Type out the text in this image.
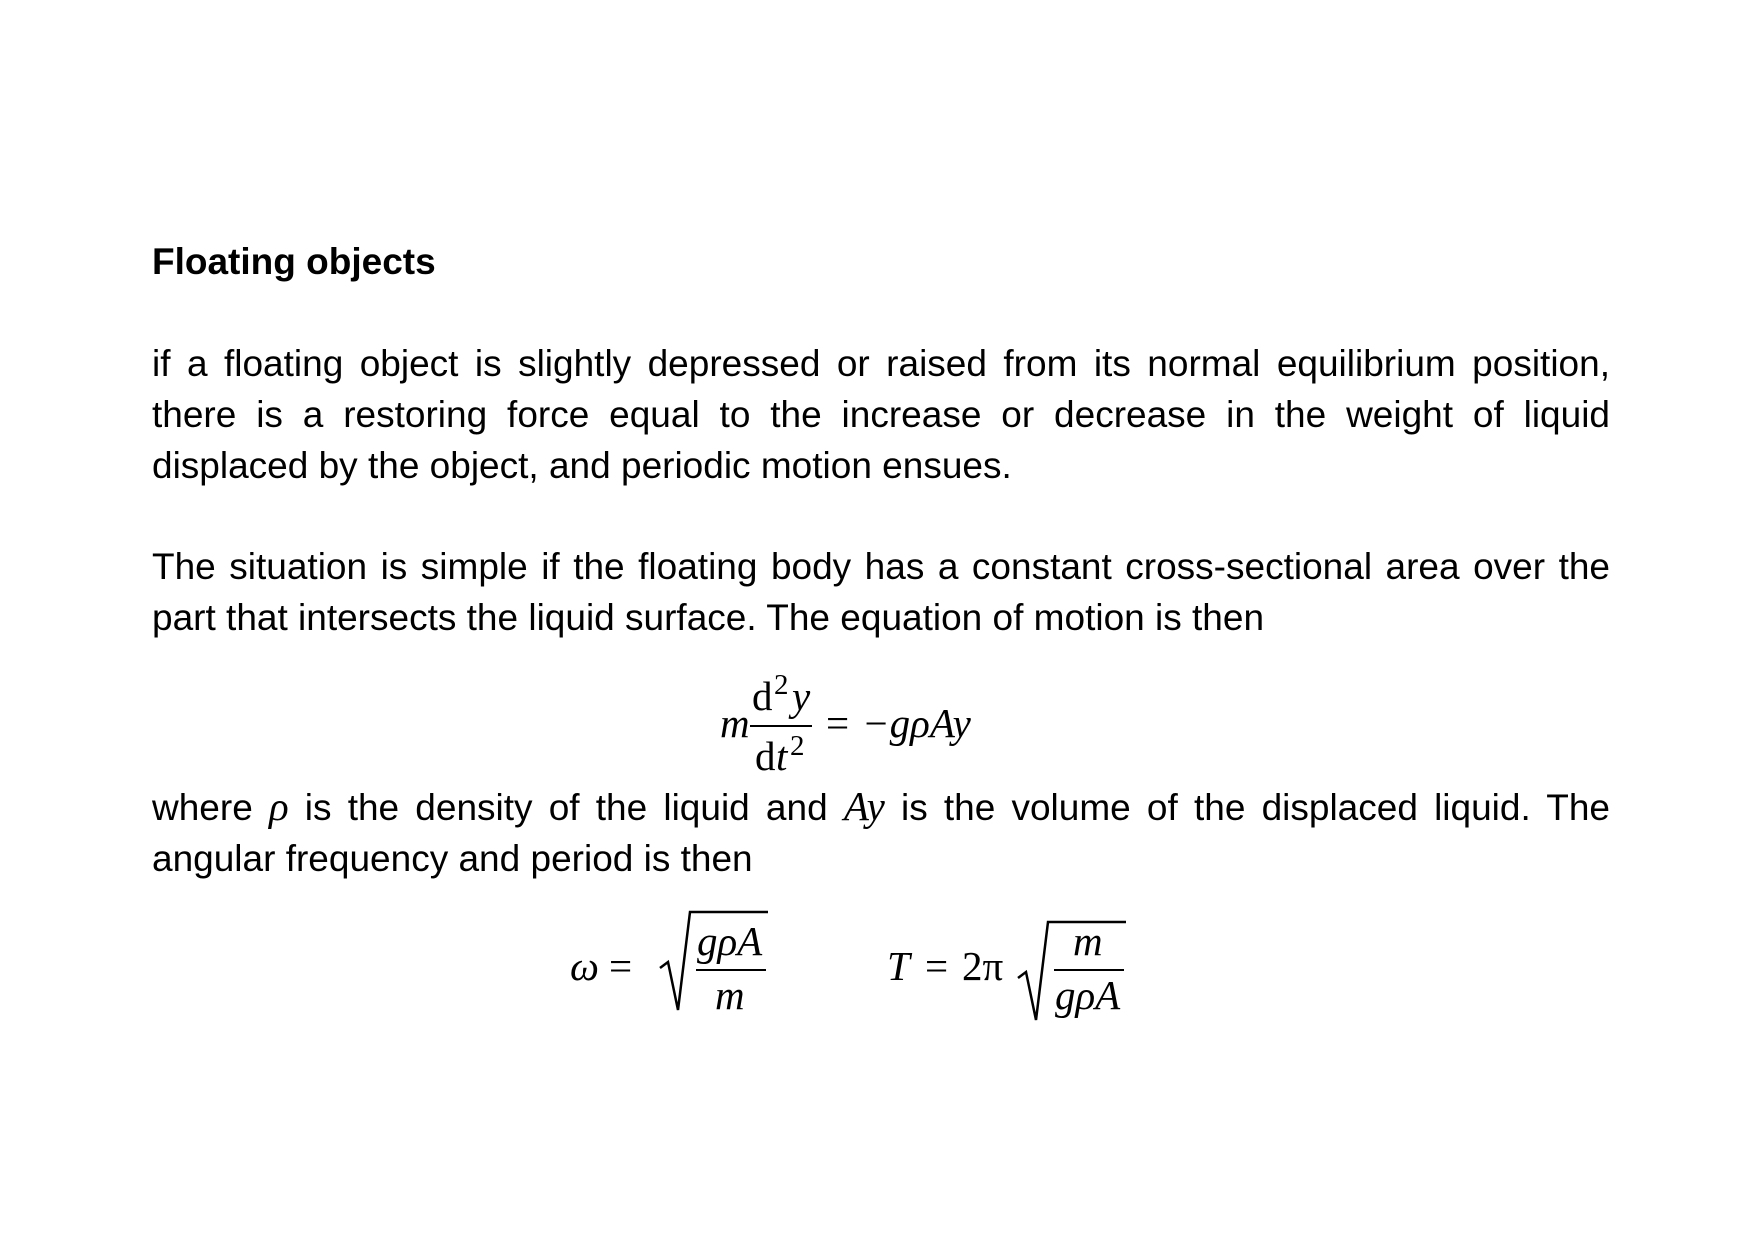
Floating objects

if a floating object is slightly depressed or raised from its normal equilibrium position, there is a restoring force equal to the increase or decrease in the weight of liquid displaced by the object, and periodic motion ensues.

The situation is simple if the floating body has a constant cross-sectional area over the part that intersects the liquid surface. The equation of motion is then

where ρ is the density of the liquid and Ay is the volume of the displaced liquid. The angular frequency and period is then

m
d 2 y
d t 2 = −gρAy
ω =
gρA
m
T = 2π
m
gρA
